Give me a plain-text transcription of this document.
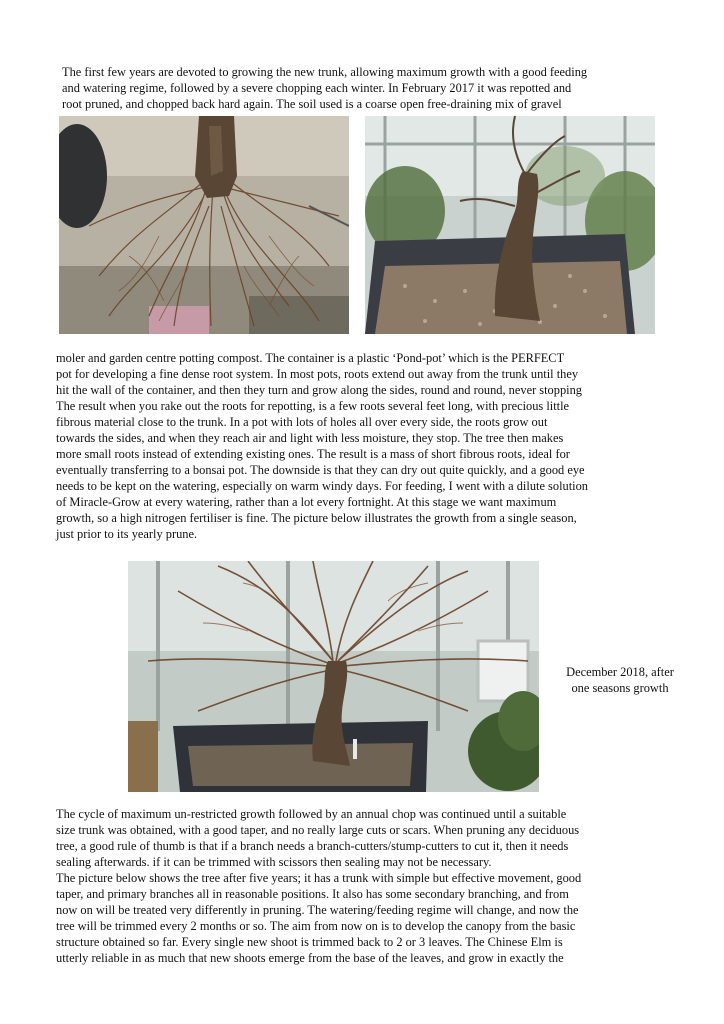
The first few years are devoted to growing the new trunk, allowing maximum growth with a good feeding
and watering regime, followed by a severe chopping each winter. In February 2017 it was repotted and
root pruned, and chopped back hard again. The soil used is a coarse open free-draining mix of gravel

moler and garden centre potting compost. The container is a plastic ‘Pond-pot’ which is the PERFECT
pot for developing a fine dense root system. In most pots, roots extend out away from the trunk until they
hit the wall of the container, and then they turn and grow along the sides, round and round, never stopping
The result when you rake out the roots for repotting, is a few roots several feet long, with precious little
fibrous material close to the trunk. In a pot with lots of holes all over every side, the roots grow out
towards the sides, and when they reach air and light with less moisture, they stop. The tree then makes
more small roots instead of extending existing ones. The result is a mass of short fibrous roots, ideal for
eventually transferring to a bonsai pot. The downside is that they can dry out quite quickly, and a good eye
needs to be kept on the watering, especially on warm windy days. For feeding, I went with a dilute solution
of Miracle-Grow at every watering, rather than a lot every fortnight. At this stage we want maximum
growth, so a high nitrogen fertiliser is fine. The picture below illustrates the growth from a single season,
just prior to its yearly prune.

December 2018, after
one seasons growth

The cycle of maximum un-restricted growth followed by an annual chop was continued until a suitable
size trunk was obtained, with a good taper, and no really large cuts or scars. When pruning any deciduous
tree, a good rule of thumb is that if a branch needs a branch-cutters/stump-cutters to cut it, then it needs
sealing afterwards. if it can be trimmed with scissors then sealing may not be necessary.
The picture below shows the tree after five years; it has a trunk with simple but effective movement, good
taper, and primary branches all in reasonable positions. It also has some secondary branching, and from
now on will be treated very differently in pruning. The watering/feeding regime will change, and now the
tree will be trimmed every 2 months or so. The aim from now on is to develop the canopy from the basic
structure obtained so far. Every single new shoot is trimmed back to 2 or 3 leaves. The Chinese Elm is
utterly reliable in as much that new shoots emerge from the base of the leaves, and grow in exactly the
